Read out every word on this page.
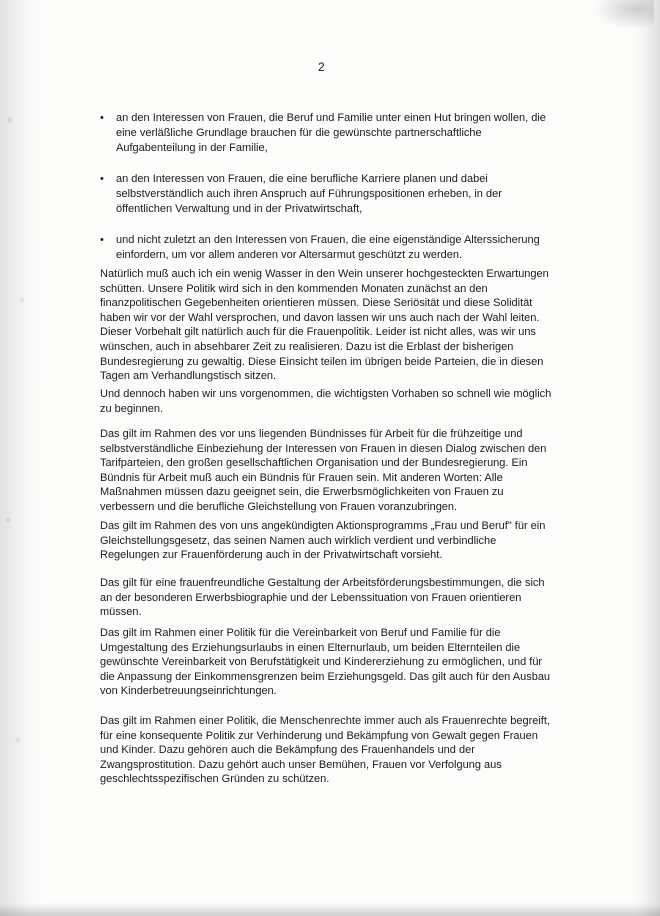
2
• an den Interessen von Frauen, die Beruf und Familie unter einen Hut bringen wollen, die eine verläßliche Grundlage brauchen für die gewünschte partnerschaftliche Aufgabenteilung in der Familie,
• an den Interessen von Frauen, die eine berufliche Karriere planen und dabei selbstverständlich auch ihren Anspruch auf Führungspositionen erheben, in der öffentlichen Verwaltung und in der Privatwirtschaft,
• und nicht zuletzt an den Interessen von Frauen, die eine eigenständige Alterssicherung einfordern, um vor allem anderen vor Altersarmut geschützt zu werden.

Natürlich muß auch ich ein wenig Wasser in den Wein unserer hochgesteckten Erwartungen schütten. Unsere Politik wird sich in den kommenden Monaten zunächst an den finanzpolitischen Gegebenheiten orientieren müssen. Diese Seriösität und diese Solidität haben wir vor der Wahl versprochen, und davon lassen wir uns auch nach der Wahl leiten. Dieser Vorbehalt gilt natürlich auch für die Frauenpolitik. Leider ist nicht alles, was wir uns wünschen, auch in absehbarer Zeit zu realisieren. Dazu ist die Erblast der bisherigen Bundesregierung zu gewaltig. Diese Einsicht teilen im übrigen beide Parteien, die in diesen Tagen am Verhandlungstisch sitzen.

Und dennoch haben wir uns vorgenommen, die wichtigsten Vorhaben so schnell wie möglich zu beginnen.

Das gilt im Rahmen des vor uns liegenden Bündnisses für Arbeit für die frühzeitige und selbstverständliche Einbeziehung der Interessen von Frauen in diesen Dialog zwischen den Tarifparteien, den großen gesellschaftlichen Organisation und der Bundesregierung. Ein Bündnis für Arbeit muß auch ein Bündnis für Frauen sein. Mit anderen Worten: Alle Maßnahmen müssen dazu geeignet sein, die Erwerbsmöglichkeiten von Frauen zu verbessern und die berufliche Gleichstellung von Frauen voranzubringen.

Das gilt im Rahmen des von uns angekündigten Aktionsprogramms „Frau und Beruf" für ein Gleichstellungsgesetz, das seinen Namen auch wirklich verdient und verbindliche Regelungen zur Frauenförderung auch in der Privatwirtschaft vorsieht.

Das gilt für eine frauenfreundliche Gestaltung der Arbeitsförderungsbestimmungen, die sich an der besonderen Erwerbsbiographie und der Lebenssituation von Frauen orientieren müssen.

Das gilt im Rahmen einer Politik für die Vereinbarkeit von Beruf und Familie für die Umgestaltung des Erziehungsurlaubs in einen Elternurlaub, um beiden Elternteilen die gewünschte Vereinbarkeit von Berufstätigkeit und Kindererziehung zu ermöglichen, und für die Anpassung der Einkommensgrenzen beim Erziehungsgeld. Das gilt auch für den Ausbau von Kinderbetreuungseinrichtungen.

Das gilt im Rahmen einer Politik, die Menschenrechte immer auch als Frauenrechte begreift, für eine konsequente Politik zur Verhinderung und Bekämpfung von Gewalt gegen Frauen und Kinder. Dazu gehören auch die Bekämpfung des Frauenhandels und der Zwangsprostitution. Dazu gehört auch unser Bemühen, Frauen vor Verfolgung aus geschlechtsspezifischen Gründen zu schützen.
